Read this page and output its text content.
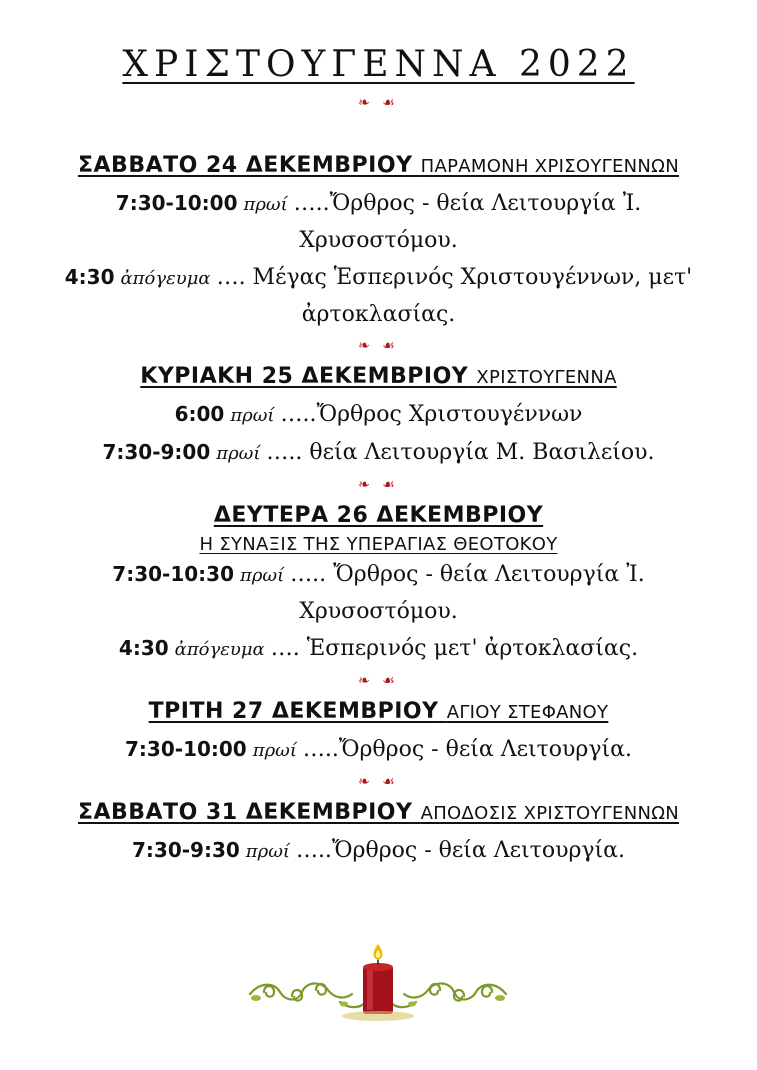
ΧΡΙΣΤΟΥΓΕΝΝΑ 2022
❧ ☙
ΣΑΒΒΑΤΟ 24 ΔΕΚΕΜΒΡΙΟΥ ΠΑΡΑΜΟΝΗ ΧΡΙΣΟΥΓΕΝΝΩΝ
7:30-10:00 πρωί …..Ὄρθρος - θεία Λειτουργία Ἰ.
Χρυσοστόμου.
4:30 ἀπόγευμα …. Μέγας Ἑσπερινός Χριστουγέννων, μετ'
ἀρτοκλασίας.
❧ ☙
ΚΥΡΙΑΚΗ 25 ΔΕΚΕΜΒΡΙΟΥ ΧΡΙΣΤΟΥΓΕΝΝΑ
6:00 πρωί …..Ὄρθρος Χριστουγέννων
7:30-9:00 πρωί ….. θεία Λειτουργία Μ. Βασιλείου.
❧ ☙
ΔΕΥΤΕΡΑ 26 ΔΕΚΕΜΒΡΙΟΥ
Η ΣΥΝΑΞΙΣ ΤΗΣ ΥΠΕΡΑΓΙΑΣ ΘΕΟΤΟΚΟΥ
7:30-10:30 πρωί ….. Ὄρθρος - θεία Λειτουργία Ἰ.
Χρυσοστόμου.
4:30 ἀπόγευμα …. Ἑσπερινός μετ' ἀρτοκλασίας.
❧ ☙
ΤΡΙΤΗ 27 ΔΕΚΕΜΒΡΙΟΥ ΑΓΙΟΥ ΣΤΕΦΑΝΟΥ
7:30-10:00 πρωί …..Ὄρθρος - θεία Λειτουργία.
❧ ☙
ΣΑΒΒΑΤΟ 31 ΔΕΚΕΜΒΡΙΟΥ ΑΠΟΔΟΣΙΣ ΧΡΙΣΤΟΥΓΕΝΝΩΝ
7:30-9:30 πρωί …..Ὄρθρος - θεία Λειτουργία.
